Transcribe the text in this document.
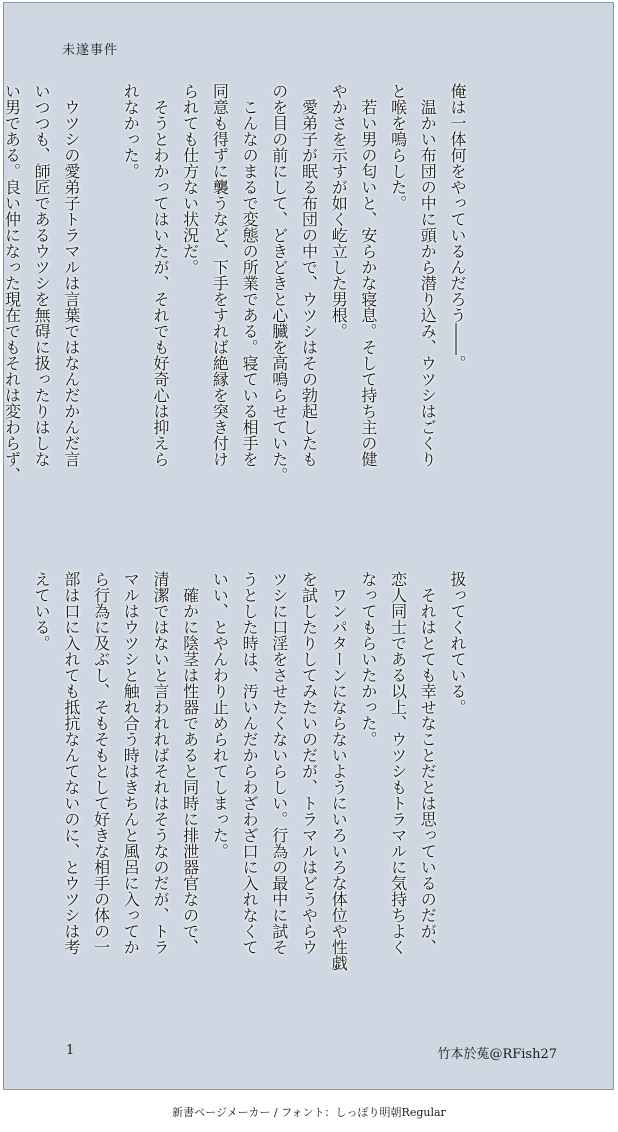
未遂事件

俺は一体何をやっているんだろう――。

　温かい布団の中に頭から潜り込み、ウツシはごくり

と喉を鳴らした。

　若い男の匂いと、安らかな寝息。そして持ち主の健

やかさを示すが如く屹立した男根。

　愛弟子が眠る布団の中で、ウツシはその勃起したも

のを目の前にして、どきどきと心臓を高鳴らせていた。

　こんなのまるで変態の所業である。寝ている相手を

同意も得ずに襲うなど、下手をすれば絶縁を突き付け

られても仕方ない状況だ。

　そうとわかってはいたが、それでも好奇心は抑えら

れなかった。

　ウツシの愛弟子トラマルは言葉ではなんだかんだ言

いつつも、師匠であるウツシを無碍に扱ったりはしな

い男である。良い仲になった現在でもそれは変わらず、

扱ってくれている。

　それはとても幸せなことだとは思っているのだが、

恋人同士である以上、ウツシもトラマルに気持ちよく

なってもらいたかった。

　ワンパターンにならないようにいろいろな体位や性戯

を試したりしてみたいのだが、トラマルはどうやらウ

ツシに口淫をさせたくないらしい。行為の最中に試そ

うとした時は、汚いんだからわざわざ口に入れなくて

いい、とやんわり止められてしまった。

　確かに陰茎は性器であると同時に排泄器官なので、

清潔ではないと言われればそれはそうなのだが、トラ

マルはウツシと触れ合う時はきちんと風呂に入ってか

ら行為に及ぶし、そもそもとして好きな相手の体の一

部は口に入れても抵抗なんてないのに、とウツシは考

えている。

1	竹本於菟@RFish27
新書ページメーカー / フォント：しっぽり明朝Regular
